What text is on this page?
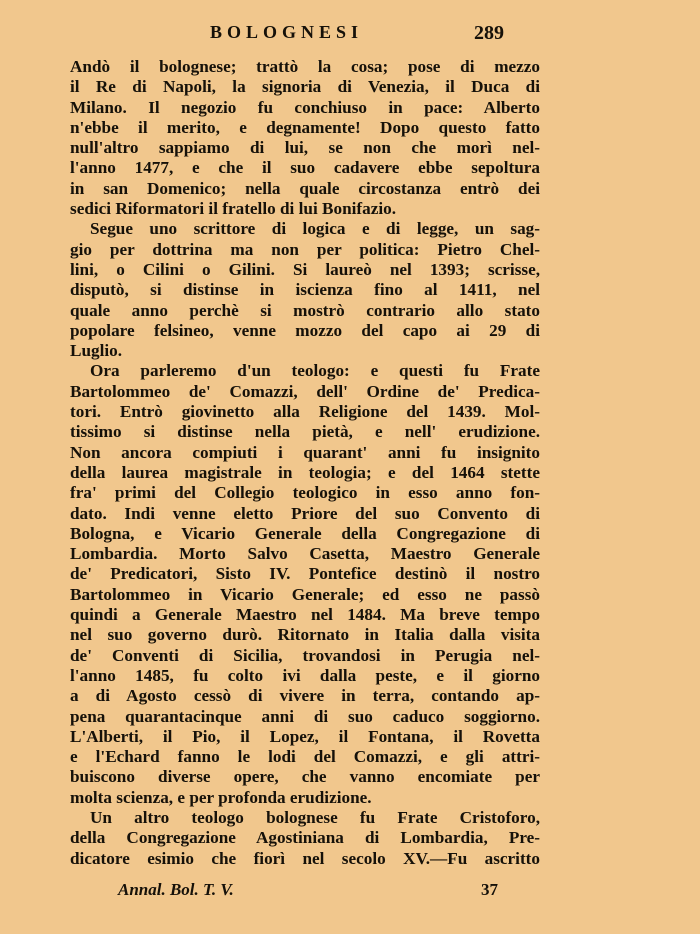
BOLOGNESI	289
Andò il bolognese; trattò la cosa; pose di mezzo
il Re di Napoli, la signoria di Venezia, il Duca di
Milano. Il negozio fu conchiuso in pace: Alberto
n'ebbe il merito, e degnamente! Dopo questo fatto
null'altro sappiamo di lui, se non che morì nel-
l'anno 1477, e che il suo cadavere ebbe sepoltura
in san Domenico; nella quale circostanza entrò dei
sedici Riformatori il fratello di lui Bonifazio.
Segue uno scrittore di logica e di legge, un sag-
gio per dottrina ma non per politica: Pietro Chel-
lini, o Cilini o Gilini. Si laureò nel 1393; scrisse,
disputò, si distinse in iscienza fino al 1411, nel
quale anno perchè si mostrò contrario allo stato
popolare felsineo, venne mozzo del capo ai 29 di
Luglio.
Ora parleremo d'un teologo: e questi fu Frate
Bartolommeo de' Comazzi, dell' Ordine de' Predica-
tori. Entrò giovinetto alla Religione del 1439. Mol-
tissimo si distinse nella pietà, e nell' erudizione.
Non ancora compiuti i quarant' anni fu insignito
della laurea magistrale in teologia; e del 1464 stette
fra' primi del Collegio teologico in esso anno fon-
dato. Indi venne eletto Priore del suo Convento di
Bologna, e Vicario Generale della Congregazione di
Lombardia. Morto Salvo Casetta, Maestro Generale
de' Predicatori, Sisto IV. Pontefice destinò il nostro
Bartolommeo in Vicario Generale; ed esso ne passò
quindi a Generale Maestro nel 1484. Ma breve tempo
nel suo governo durò. Ritornato in Italia dalla visita
de' Conventi di Sicilia, trovandosi in Perugia nel-
l'anno 1485, fu colto ivi dalla peste, e il giorno
a di Agosto cessò di vivere in terra, contando ap-
pena quarantacinque anni di suo caduco soggiorno.
L'Alberti, il Pio, il Lopez, il Fontana, il Rovetta
e l'Echard fanno le lodi del Comazzi, e gli attri-
buiscono diverse opere, che vanno encomiate per
molta scienza, e per profonda erudizione.
Un altro teologo bolognese fu Frate Cristoforo,
della Congregazione Agostiniana di Lombardia, Pre-
dicatore esimio che fiorì nel secolo XV.—Fu ascritto
Annal. Bol. T. V.	37
